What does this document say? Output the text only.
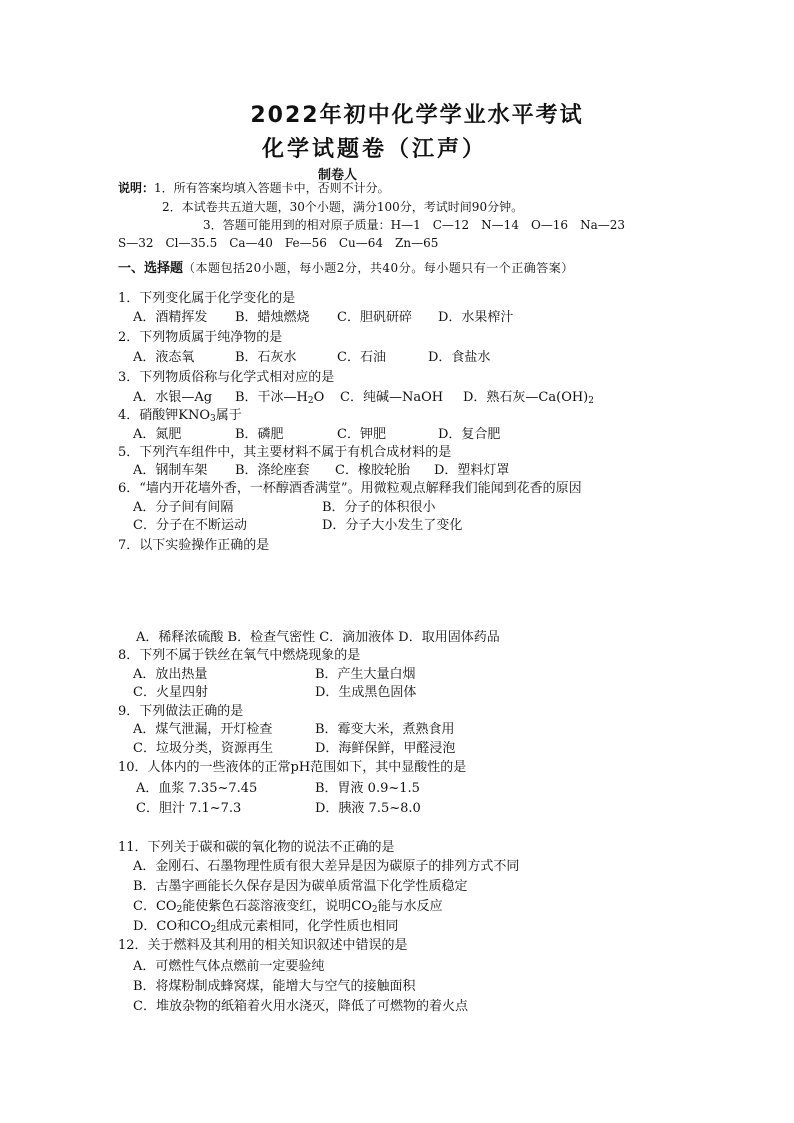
2022年初中化学学业水平考试
化学试题卷（江声）
制卷人
说明：1．所有答案均填入答题卡中，否则不计分。
2．本试卷共五道大题，30个小题，满分100分，考试时间90分钟。
3．答题可能用到的相对原子质量：H—1　C—12　N—14　O—16　Na—23
S—32　Cl—35.5　Ca—40　Fe—56　Cu—64　Zn—65
一、选择题（本题包括20小题，每小题2分，共40分。每小题只有一个正确答案）
1．下列变化属于化学变化的是
A．酒精挥发 B．蜡烛燃烧 C．胆矾研碎 D．水果榨汁
2．下列物质属于纯净物的是
A．液态氧	B．石灰水	C．石油	D．食盐水
3．下列物质俗称与化学式相对应的是
A．水银—Ag B．干冰$—H_2O$ C．纯碱—NaOH D．熟石灰$—Ca(OH)_2$
4．硝酸钾$KNO_3$属于
A．氮肥	B．磷肥	C．钾肥	D．复合肥
5．下列汽车组件中，其主要材料不属于有机合成材料的是
A．钢制车架 B．涤纶座套 C．橡胶轮胎 D．塑料灯罩
6．“墙内开花墙外香，一杯醇酒香满堂”。用微粒观点解释我们能闻到花香的原因
A．分子间有间隔	B．分子的体积很小
C．分子在不断运动	D．分子大小发生了变化
7．以下实验操作正确的是
A．稀释浓硫酸 B．检查气密性 C．滴加液体 D．取用固体药品
8．下列不属于铁丝在氧气中燃烧现象的是
A．放出热量	B．产生大量白烟
C．火星四射	D．生成黑色固体
9．下列做法正确的是
A．煤气泄漏，开灯检查	B．霉变大米，煮熟食用
C．垃圾分类，资源再生	D．海鲜保鲜，甲醛浸泡
10．人体内的一些液体的正常pH范围如下，其中显酸性的是
A．血浆 7.35~7.45	B．胃液 0.9~1.5
C．胆汁 7.1~7.3	D．胰液 7.5~8.0
11．下列关于碳和碳的氧化物的说法不正确的是
A．金刚石、石墨物理性质有很大差异是因为碳原子的排列方式不同
B．古墨字画能长久保存是因为碳单质常温下化学性质稳定
C．$CO_2$能使紫色石蕊溶液变红，说明$CO_2$能与水反应
D．CO和$CO_2$组成元素相同，化学性质也相同
12．关于燃料及其利用的相关知识叙述中错误的是
A．可燃性气体点燃前一定要验纯
B．将煤粉制成蜂窝煤，能增大与空气的接触面积
C．堆放杂物的纸箱着火用水浇灭，降低了可燃物的着火点
